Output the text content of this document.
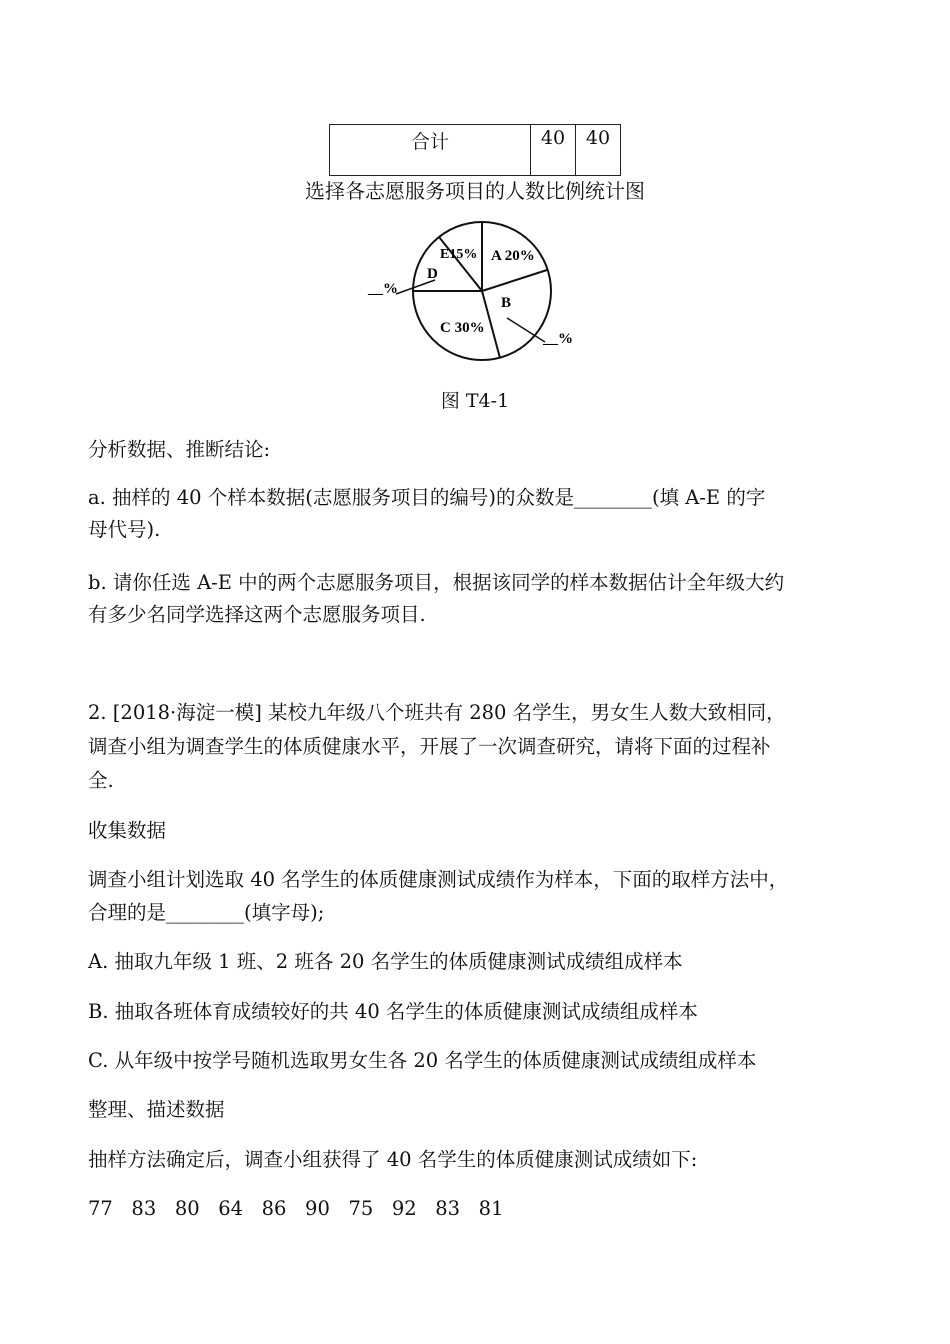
合计	40	40
选择各志愿服务项目的人数比例统计图
A 20%
B
C 30%
D
E15%
__%
__%
图 T4-1

分析数据、推断结论:

a. 抽样的 40 个样本数据(志愿服务项目的编号)的众数是________(填 A-E 的字

母代号).

b. 请你任选 A-E 中的两个志愿服务项目，根据该同学的样本数据估计全年级大约

有多少名同学选择这两个志愿服务项目.

2. [2018·海淀一模] 某校九年级八个班共有 280 名学生，男女生人数大致相同，

调查小组为调查学生的体质健康水平，开展了一次调查研究，请将下面的过程补

全.

收集数据

调查小组计划选取 40 名学生的体质健康测试成绩作为样本，下面的取样方法中，

合理的是________(填字母);

A. 抽取九年级 1 班、2 班各 20 名学生的体质健康测试成绩组成样本

B. 抽取各班体育成绩较好的共 40 名学生的体质健康测试成绩组成样本

C. 从年级中按学号随机选取男女生各 20 名学生的体质健康测试成绩组成样本

整理、描述数据

抽样方法确定后，调查小组获得了 40 名学生的体质健康测试成绩如下:

77   83   80   64   86   90   75   92   83   81
